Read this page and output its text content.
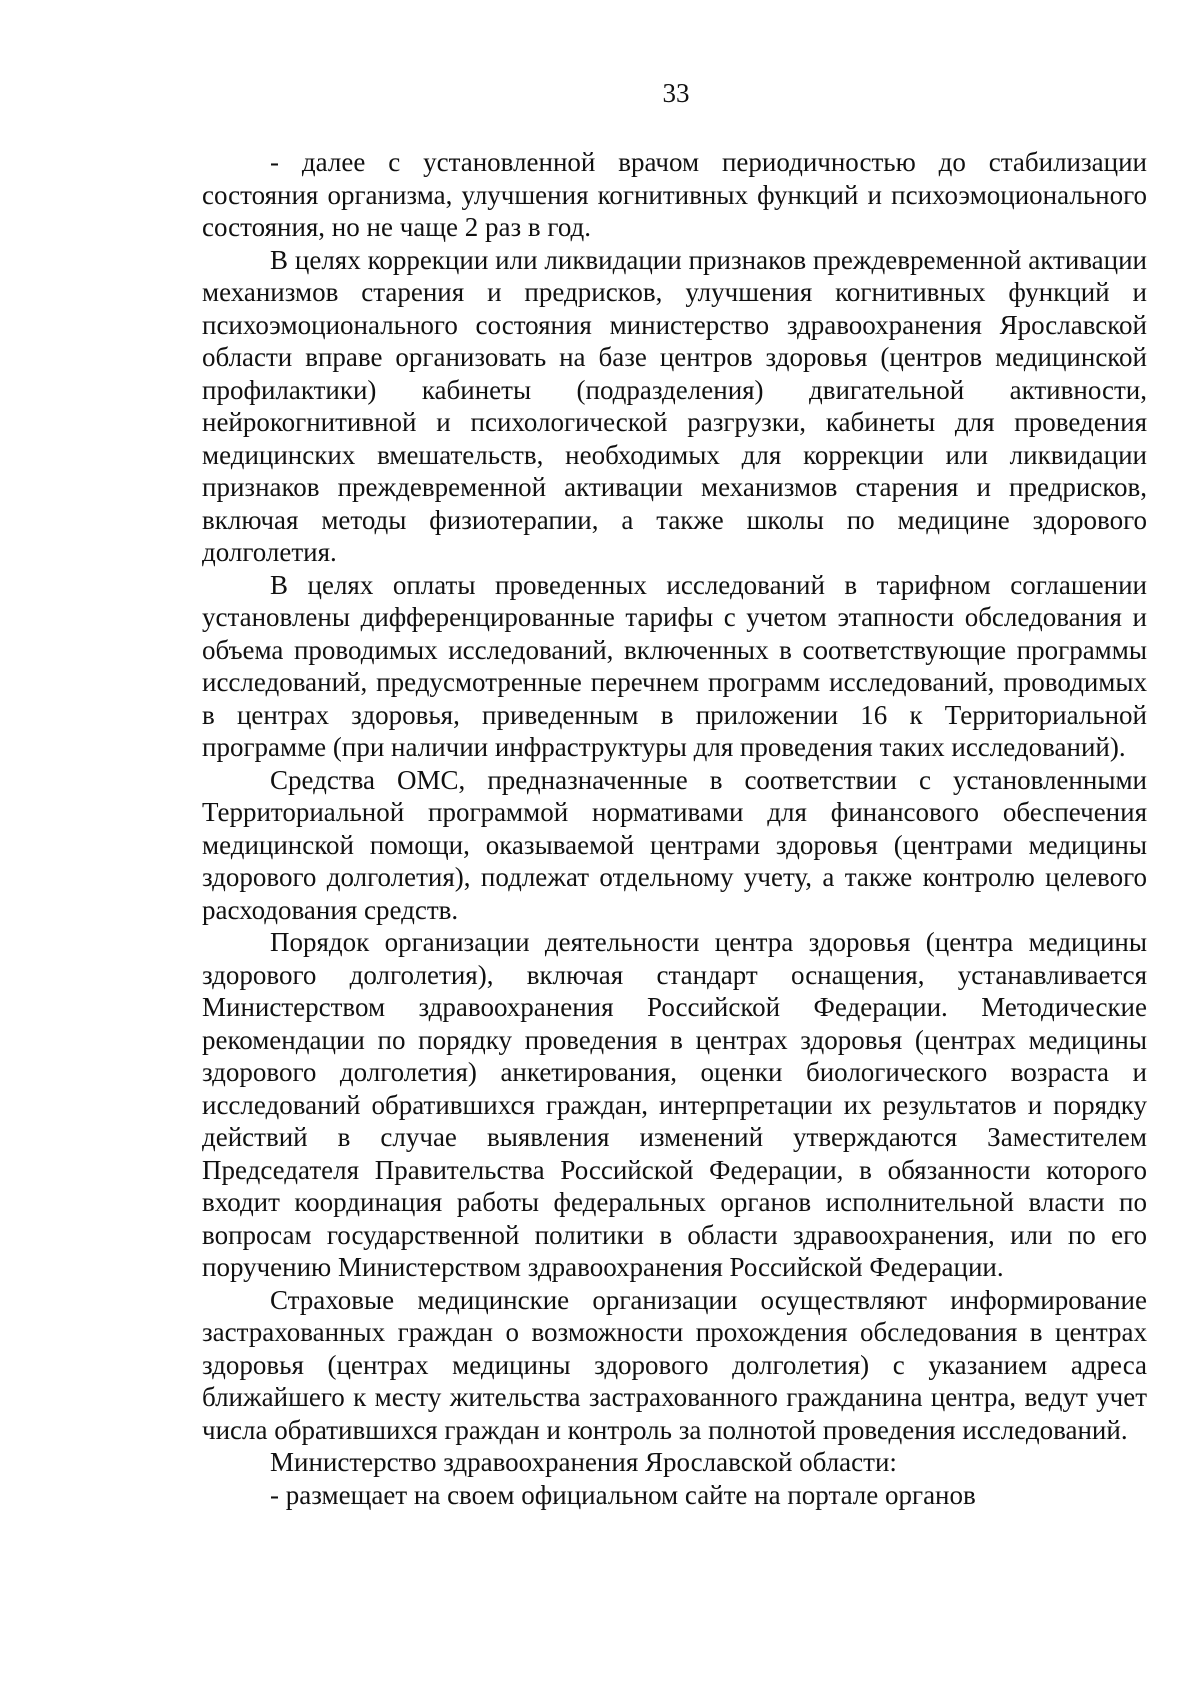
33

- далее с установленной врачом периодичностью до стабилизации состояния организма, улучшения когнитивных функций и психоэмоционального состояния, но не чаще 2 раз в год.

В целях коррекции или ликвидации признаков преждевременной активации механизмов старения и предрисков, улучшения когнитивных функций и психоэмоционального состояния министерство здравоохранения Ярославской области вправе организовать на базе центров здоровья (центров медицинской профилактики) кабинеты (подразделения) двигательной активности, нейрокогнитивной и психологической разгрузки, кабинеты для проведения медицинских вмешательств, необходимых для коррекции или ликвидации признаков преждевременной активации механизмов старения и предрисков, включая методы физиотерапии, а также школы по медицине здорового долголетия.

В целях оплаты проведенных исследований в тарифном соглашении установлены дифференцированные тарифы с учетом этапности обследования и объема проводимых исследований, включенных в соответствующие программы исследований, предусмотренные перечнем программ исследований, проводимых в центрах здоровья, приведенным в приложении 16 к Территориальной программе (при наличии инфраструктуры для проведения таких исследований).

Средства ОМС, предназначенные в соответствии с установленными Территориальной программой нормативами для финансового обеспечения медицинской помощи, оказываемой центрами здоровья (центрами медицины здорового долголетия), подлежат отдельному учету, а также контролю целевого расходования средств.

Порядок организации деятельности центра здоровья (центра медицины здорового долголетия), включая стандарт оснащения, устанавливается Министерством здравоохранения Российской Федерации. Методические рекомендации по порядку проведения в центрах здоровья (центрах медицины здорового долголетия) анкетирования, оценки биологического возраста и исследований обратившихся граждан, интерпретации их результатов и порядку действий в случае выявления изменений утверждаются Заместителем Председателя Правительства Российской Федерации, в обязанности которого входит координация работы федеральных органов исполнительной власти по вопросам государственной политики в области здравоохранения, или по его поручению Министерством здравоохранения Российской Федерации.

Страховые медицинские организации осуществляют информирование застрахованных граждан о возможности прохождения обследования в центрах здоровья (центрах медицины здорового долголетия) с указанием адреса ближайшего к месту жительства застрахованного гражданина центра, ведут учет числа обратившихся граждан и контроль за полнотой проведения исследований.

Министерство здравоохранения Ярославской области:

- размещает на своем официальном сайте на портале органов
